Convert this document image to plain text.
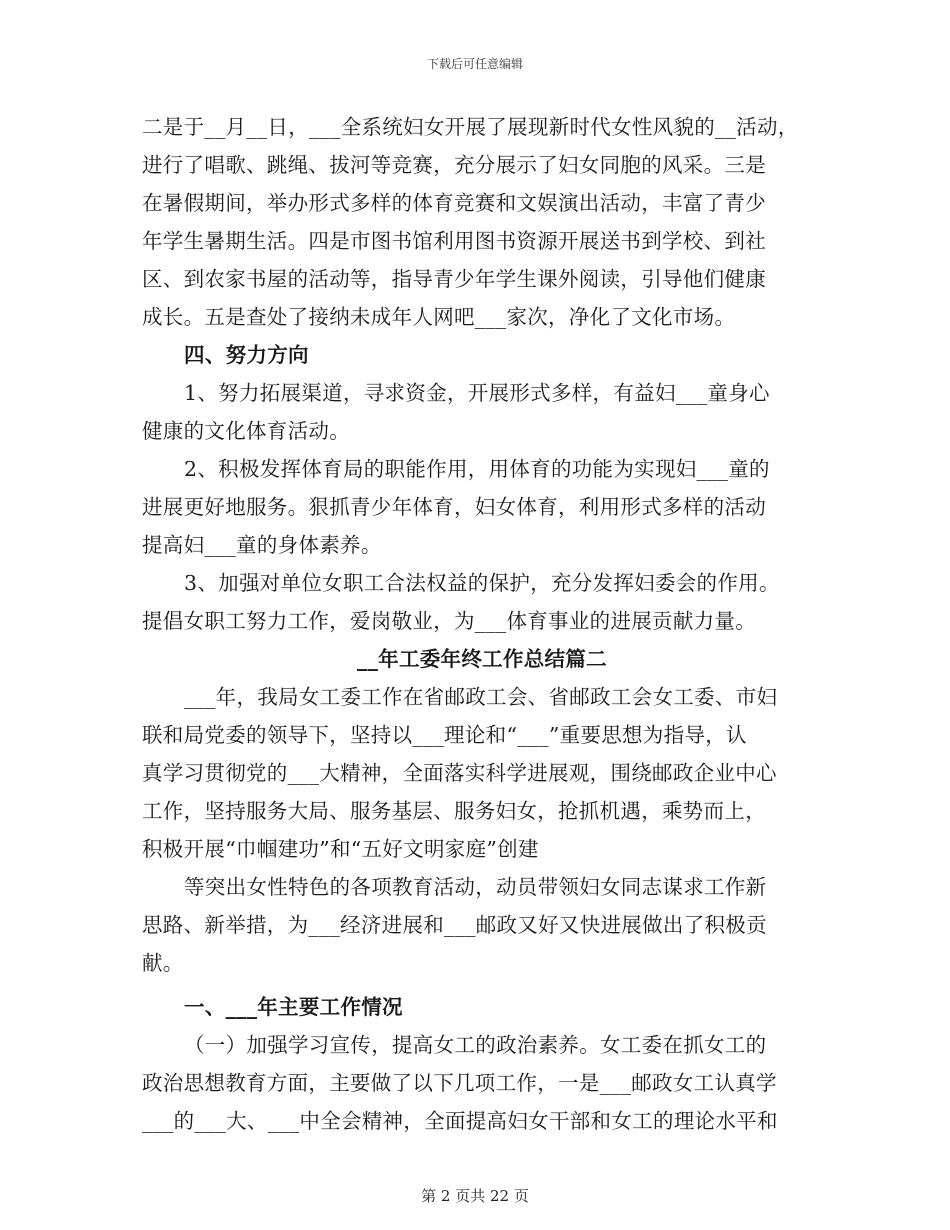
下载后可任意编辑
二是于__月__日，___全系统妇女开展了展现新时代女性风貌的__活动，
进行了唱歌、跳绳、拔河等竞赛，充分展示了妇女同胞的风采。三是
在暑假期间，举办形式多样的体育竞赛和文娱演出活动，丰富了青少
年学生暑期生活。四是市图书馆利用图书资源开展送书到学校、到社
区、到农家书屋的活动等，指导青少年学生课外阅读，引导他们健康
成长。五是查处了接纳未成年人网吧___家次，净化了文化市场。
四、努力方向
1、努力拓展渠道，寻求资金，开展形式多样，有益妇___童身心
健康的文化体育活动。
2、积极发挥体育局的职能作用，用体育的功能为实现妇___童的
进展更好地服务。狠抓青少年体育，妇女体育，利用形式多样的活动
提高妇___童的身体素养。
3、加强对单位女职工合法权益的保护，充分发挥妇委会的作用。
提倡女职工努力工作，爱岗敬业，为___体育事业的进展贡献力量。
__年工委年终工作总结篇二
___年，我局女工委工作在省邮政工会、省邮政工会女工委、市妇
联和局党委的领导下，坚持以___理论和“___”重要思想为指导，认
真学习贯彻党的___大精神，全面落实科学进展观，围绕邮政企业中心
工作，坚持服务大局、服务基层、服务妇女，抢抓机遇，乘势而上，
积极开展“巾帼建功”和“五好文明家庭”创建
等突出女性特色的各项教育活动，动员带领妇女同志谋求工作新
思路、新举措，为___经济进展和___邮政又好又快进展做出了积极贡
献。
一、___年主要工作情况
（一）加强学习宣传，提高女工的政治素养。女工委在抓女工的
政治思想教育方面，主要做了以下几项工作，一是___邮政女工认真学
___的___大、___中全会精神，全面提高妇女干部和女工的理论水平和
第 2 页共 22 页
